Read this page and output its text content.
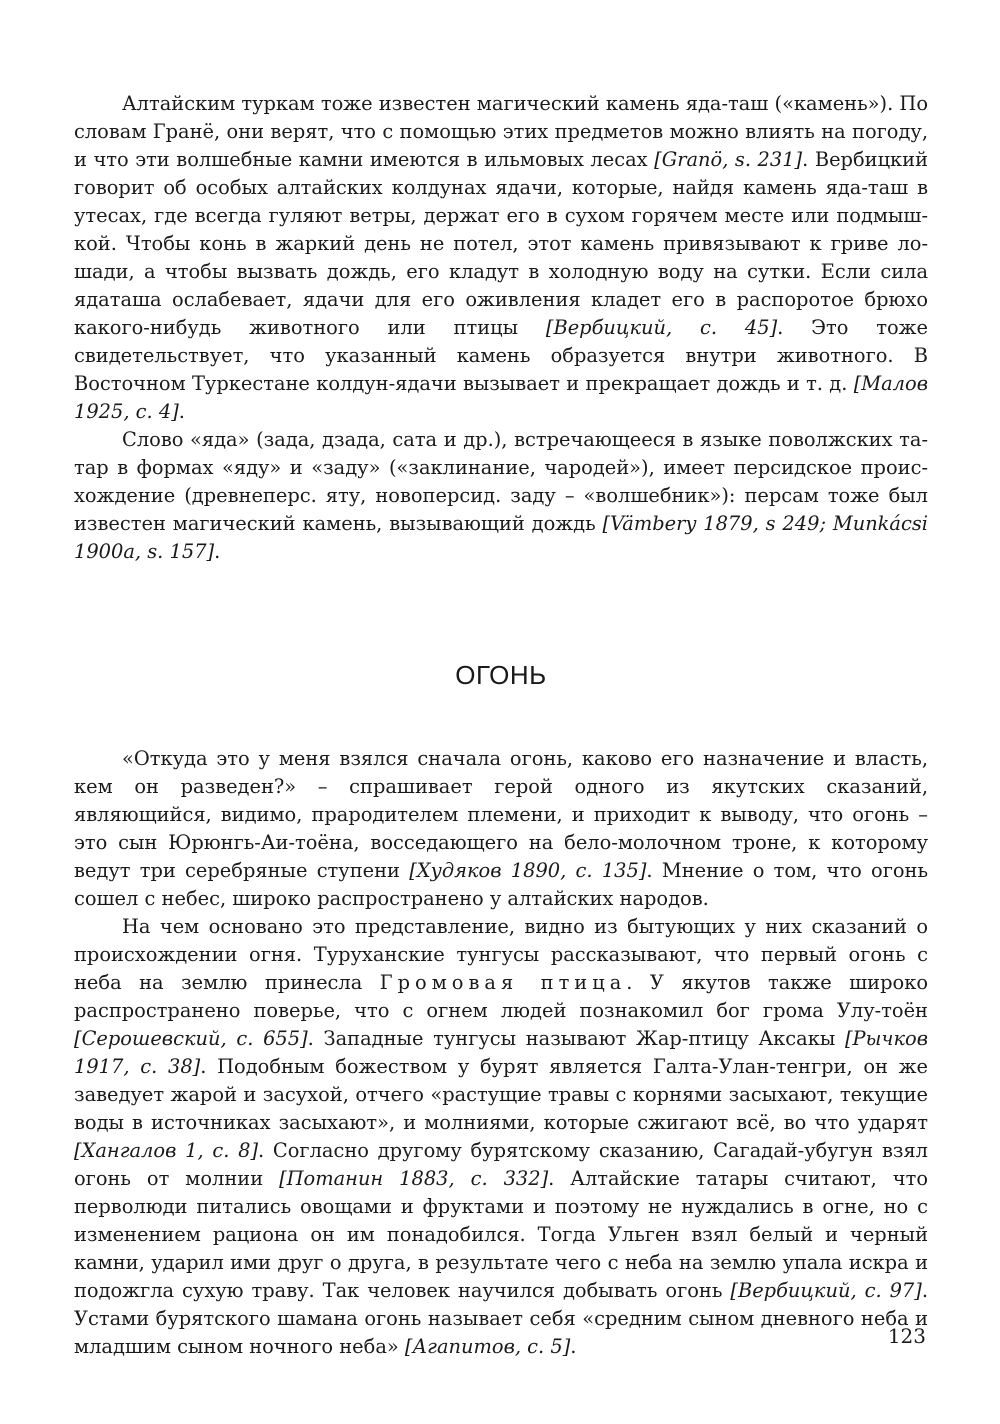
Алтайским туркам тоже известен магический камень яда-таш («камень»). По словам Гранё, они верят, что с помощью этих предметов можно влиять на погоду, и что эти волшебные камни имеются в ильмовых лесах [Granö, s. 231]. Вербицкий говорит об особых алтайских колдунах ядачи, которые, найдя камень яда-таш в утесах, где всегда гуляют ветры, держат его в сухом горячем месте или подмышкой. Чтобы конь в жаркий день не потел, этот камень привязывают к гриве лошади, а чтобы вызвать дождь, его кладут в холодную воду на сутки. Если сила ядаташа ослабевает, ядачи для его оживления кладет его в распоротое брюхо какого-нибудь животного или птицы [Вербицкий, с. 45]. Это тоже свидетельствует, что указанный камень образуется внутри животного. В Восточном Туркестане колдун-ядачи вызывает и прекращает дождь и т. д. [Малов 1925, с. 4].

Слово «яда» (зада, дзада, сата и др.), встречающееся в языке поволжских татар в формах «яду» и «заду» («заклинание, чародей»), имеет персидское происхождение (древнеперс. яту, новоперсид. заду – «волшебник»): персам тоже был известен магический камень, вызывающий дождь [Vämbery 1879, s 249; Munkácsi 1900a, s. 157].

ОГОНЬ

«Откуда это у меня взялся сначала огонь, каково его назначение и власть, кем он разведен?» – спрашивает герой одного из якутских сказаний, являющийся, видимо, прародителем племени, и приходит к выводу, что огонь – это сын Юрюнгь-Аи-тоёна, восседающего на бело-молочном троне, к которому ведут три серебряные ступени [Худяков 1890, с. 135]. Мнение о том, что огонь сошел с небес, широко распространено у алтайских народов.

На чем основано это представление, видно из бытующих у них сказаний о происхождении огня. Туруханские тунгусы рассказывают, что первый огонь с неба на землю принесла Громовая птица. У якутов также широко распространено поверье, что с огнем людей познакомил бог грома Улу-тоён [Серошевский, с. 655]. Западные тунгусы называют Жар-птицу Аксакы [Рычков 1917, с. 38]. Подобным божеством у бурят является Галта-Улан-тенгри, он же заведует жарой и засухой, отчего «растущие травы с корнями засыхают, текущие воды в источниках засыхают», и молниями, которые сжигают всё, во что ударят [Хангалов 1, с. 8]. Согласно другому бурятскому сказанию, Сагадай-убугун взял огонь от молнии [Потанин 1883, с. 332]. Алтайские татары считают, что перволюди питались овощами и фруктами и поэтому не нуждались в огне, но с изменением рациона он им понадобился. Тогда Ульген взял белый и черный камни, ударил ими друг о друга, в результате чего с неба на землю упала искра и подожгла сухую траву. Так человек научился добывать огонь [Вербицкий, с. 97]. Устами бурятского шамана огонь называет себя «средним сыном дневного неба и младшим сыном ночного неба» [Агапитов, с. 5].	123
